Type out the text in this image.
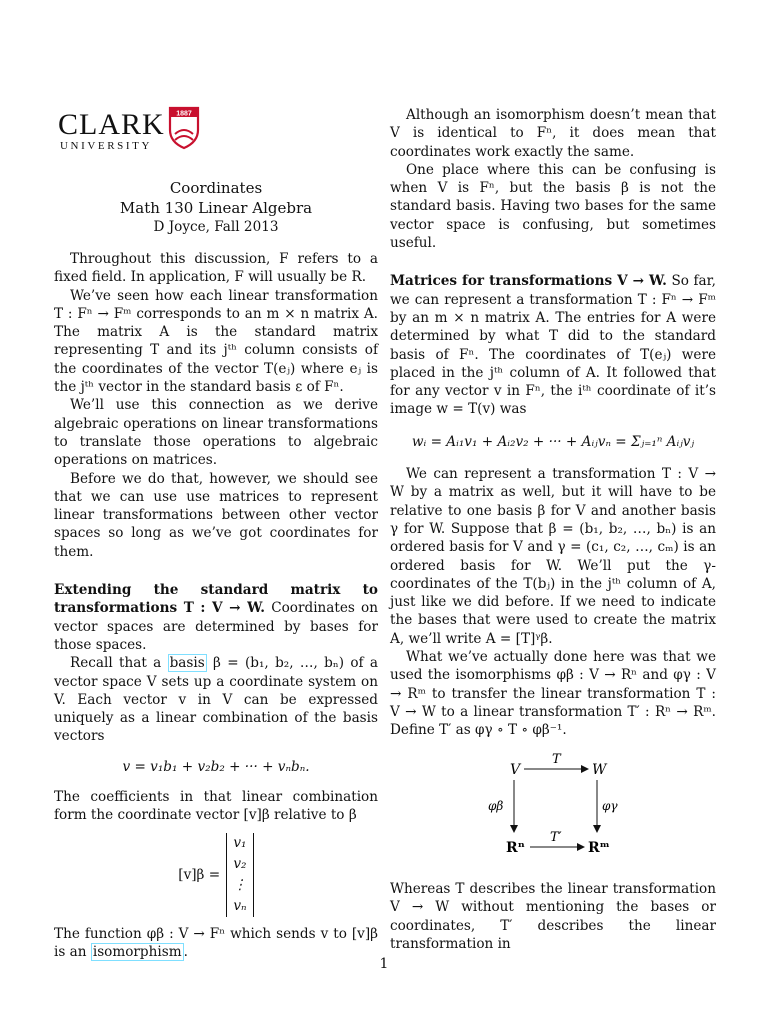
CLARK
UNIVERSITY
1887
Coordinates
Math 130 Linear Algebra
D Joyce, Fall 2013

Throughout this discussion, F refers to a fixed field. In application, F will usually be R.

We’ve seen how each linear transformation T : Fⁿ → Fᵐ corresponds to an m × n matrix A. The matrix A is the standard matrix representing T and its jᵗʰ column consists of the coordinates of the vector T(eⱼ) where eⱼ is the jᵗʰ vector in the standard basis ε of Fⁿ.

We’ll use this connection as we derive algebraic operations on linear transformations to translate those operations to algebraic operations on matrices.

Before we do that, however, we should see that we can use use matrices to represent linear transformations between other vector spaces so long as we’ve got coordinates for them.

Extending the standard matrix to transformations T : V → W. Coordinates on vector spaces are determined by bases for those spaces.

Recall that a basis β = (b₁, b₂, …, bₙ) of a vector space V sets up a coordinate system on V. Each vector v in V can be expressed uniquely as a linear combination of the basis vectors

v = v₁b₁ + v₂b₂ + ··· + vₙbₙ.

The coefficients in that linear combination form the coordinate vector [v]β relative to β

[v]β =
v₁
v₂
⋮
vₙ

The function φβ : V → Fⁿ which sends v to [v]β is an isomorphism .

Although an isomorphism doesn’t mean that V is identical to Fⁿ, it does mean that coordinates work exactly the same.

One place where this can be confusing is when V is Fⁿ, but the basis β is not the standard basis. Having two bases for the same vector space is confusing, but sometimes useful.

Matrices for transformations V → W. So far, we can represent a transformation T : Fⁿ → Fᵐ by an m × n matrix A. The entries for A were determined by what T did to the standard basis of Fⁿ. The coordinates of T(eⱼ) were placed in the jᵗʰ column of A. It followed that for any vector v in Fⁿ, the iᵗʰ coordinate of it’s image w = T(v) was

wᵢ = Aᵢ₁v₁ + Aᵢ₂v₂ + ··· + Aᵢⱼvₙ = Σⱼ₌₁ⁿ Aᵢⱼvⱼ

We can represent a transformation T : V → W by a matrix as well, but it will have to be relative to one basis β for V and another basis γ for W. Suppose that β = (b₁, b₂, …, bₙ) is an ordered basis for V and γ = (c₁, c₂, …, cₘ) is an ordered basis for W. We’ll put the γ-coordinates of the T(bⱼ) in the jᵗʰ column of A, just like we did before. If we need to indicate the bases that were used to create the matrix A, we’ll write A = [T]ᵞβ.

What we’ve actually done here was that we used the isomorphisms φβ : V → Rⁿ and φγ : V → Rᵐ to transfer the linear transformation T : V → W to a linear transformation T′ : Rⁿ → Rᵐ. Define T′ as φγ ∘ T ∘ φβ⁻¹.

V	W
Rⁿ	Rᵐ
T
T′
φβ	φγ

Whereas T describes the linear transformation V → W without mentioning the bases or coordinates, T′ describes the linear transformation in

1
